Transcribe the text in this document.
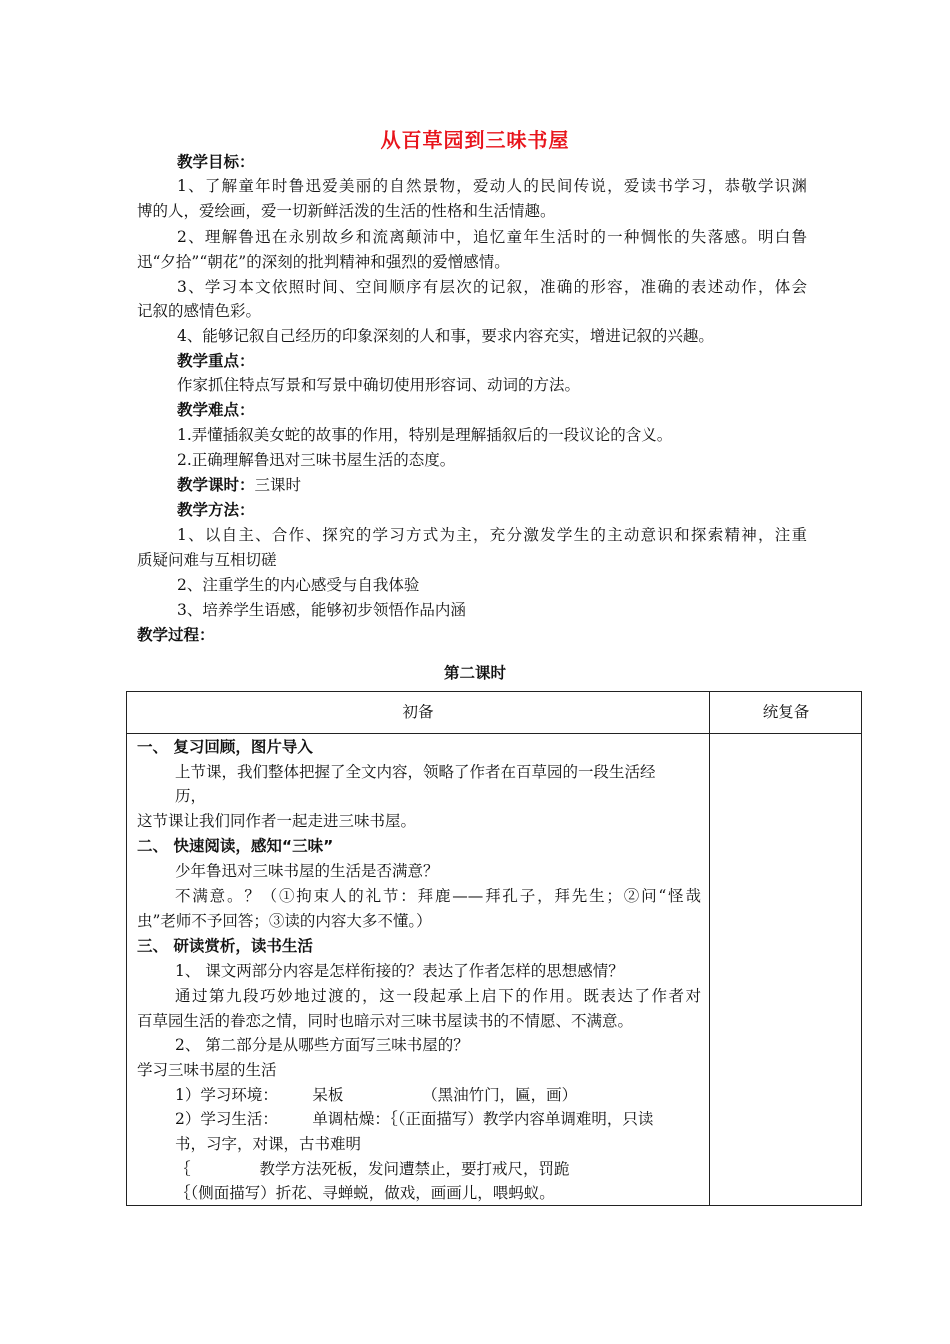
从百草园到三味书屋
教学目标：
1、了解童年时鲁迅爱美丽的自然景物，爱动人的民间传说，爱读书学习，恭敬学识渊
博的人，爱绘画，爱一切新鲜活泼的生活的性格和生活情趣。
2、理解鲁迅在永别故乡和流离颠沛中，追忆童年生活时的一种惆怅的失落感。明白鲁
迅“夕拾”“朝花”的深刻的批判精神和强烈的爱憎感情。
3、学习本文依照时间、空间顺序有层次的记叙，准确的形容，准确的表述动作，体会
记叙的感情色彩。
4、能够记叙自己经历的印象深刻的人和事，要求内容充实，增进记叙的兴趣。
教学重点：
作家抓住特点写景和写景中确切使用形容词、动词的方法。
教学难点：
1.弄懂插叙美女蛇的故事的作用，特别是理解插叙后的一段议论的含义。
2.正确理解鲁迅对三味书屋生活的态度。
教学课时：三课时
教学方法：
1、以自主、合作、探究的学习方式为主，充分激发学生的主动意识和探索精神，注重
质疑问难与互相切磋
2、注重学生的内心感受与自我体验
3、培养学生语感，能够初步领悟作品内涵
教学过程：
第二课时
初备	统复备
一、 复习回顾，图片导入
上节课，我们整体把握了全文内容，领略了作者在百草园的一段生活经
历，
这节课让我们同作者一起走进三味书屋。
二、 快速阅读，感知“三味”
少年鲁迅对三味书屋的生活是否满意？
不满意。？（①拘束人的礼节：拜鹿——拜孔子，拜先生；②问“怪哉
虫”老师不予回答；③读的内容大多不懂。）
三、 研读赏析，读书生活
1、 课文两部分内容是怎样衔接的？表达了作者怎样的思想感情？
通过第九段巧妙地过渡的，这一段起承上启下的作用。既表达了作者对
百草园生活的眷恋之情，同时也暗示对三味书屋读书的不情愿、不满意。
2、 第二部分是从哪些方面写三味书屋的？
学习三味书屋的生活
1）学习环境：       呆板                （黑油竹门，匾，画）
2）学习生活：       单调枯燥：｛（正面描写）教学内容单调难明，只读
书，习字，对课，古书难明
｛              教学方法死板，发问遭禁止，要打戒尺，罚跪
｛（侧面描写）折花、寻蝉蜕，做戏，画画儿，喂蚂蚁。
